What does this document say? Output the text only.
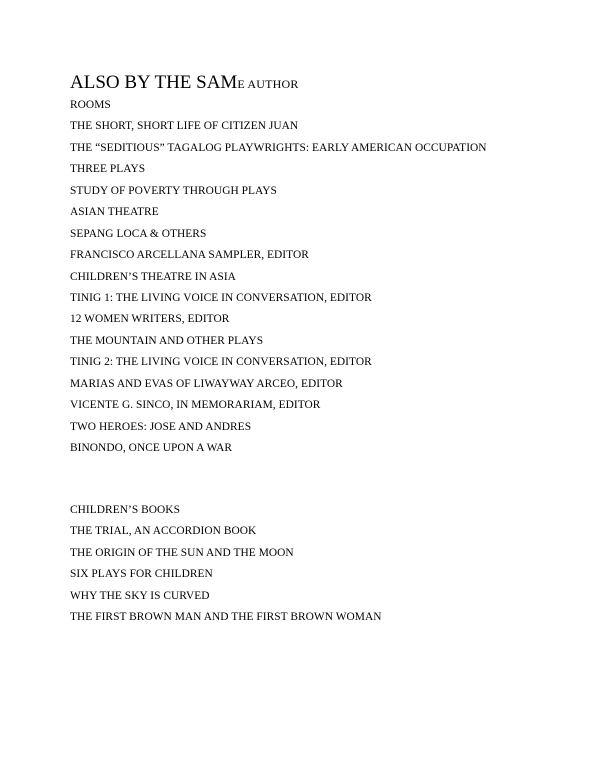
ALSO BY THE SAME AUTHOR
ROOMS
THE SHORT, SHORT LIFE OF CITIZEN JUAN
THE “SEDITIOUS” TAGALOG PLAYWRIGHTS: EARLY AMERICAN OCCUPATION
THREE PLAYS
STUDY OF POVERTY THROUGH PLAYS
ASIAN THEATRE
SEPANG LOCA & OTHERS
FRANCISCO ARCELLANA SAMPLER, EDITOR
CHILDREN’S THEATRE IN ASIA
TINIG 1: THE LIVING VOICE IN CONVERSATION, EDITOR
12 WOMEN WRITERS, EDITOR
THE MOUNTAIN AND OTHER PLAYS
TINIG 2: THE LIVING VOICE IN CONVERSATION, EDITOR
MARIAS AND EVAS OF LIWAYWAY ARCEO, EDITOR
VICENTE G. SINCO, IN MEMORARIAM, EDITOR
TWO HEROES: JOSE AND ANDRES
BINONDO, ONCE UPON A WAR
CHILDREN’S BOOKS
THE TRIAL, AN ACCORDION BOOK
THE ORIGIN OF THE SUN AND THE MOON
SIX PLAYS FOR CHILDREN
WHY THE SKY IS CURVED
THE FIRST BROWN MAN AND THE FIRST BROWN WOMAN
